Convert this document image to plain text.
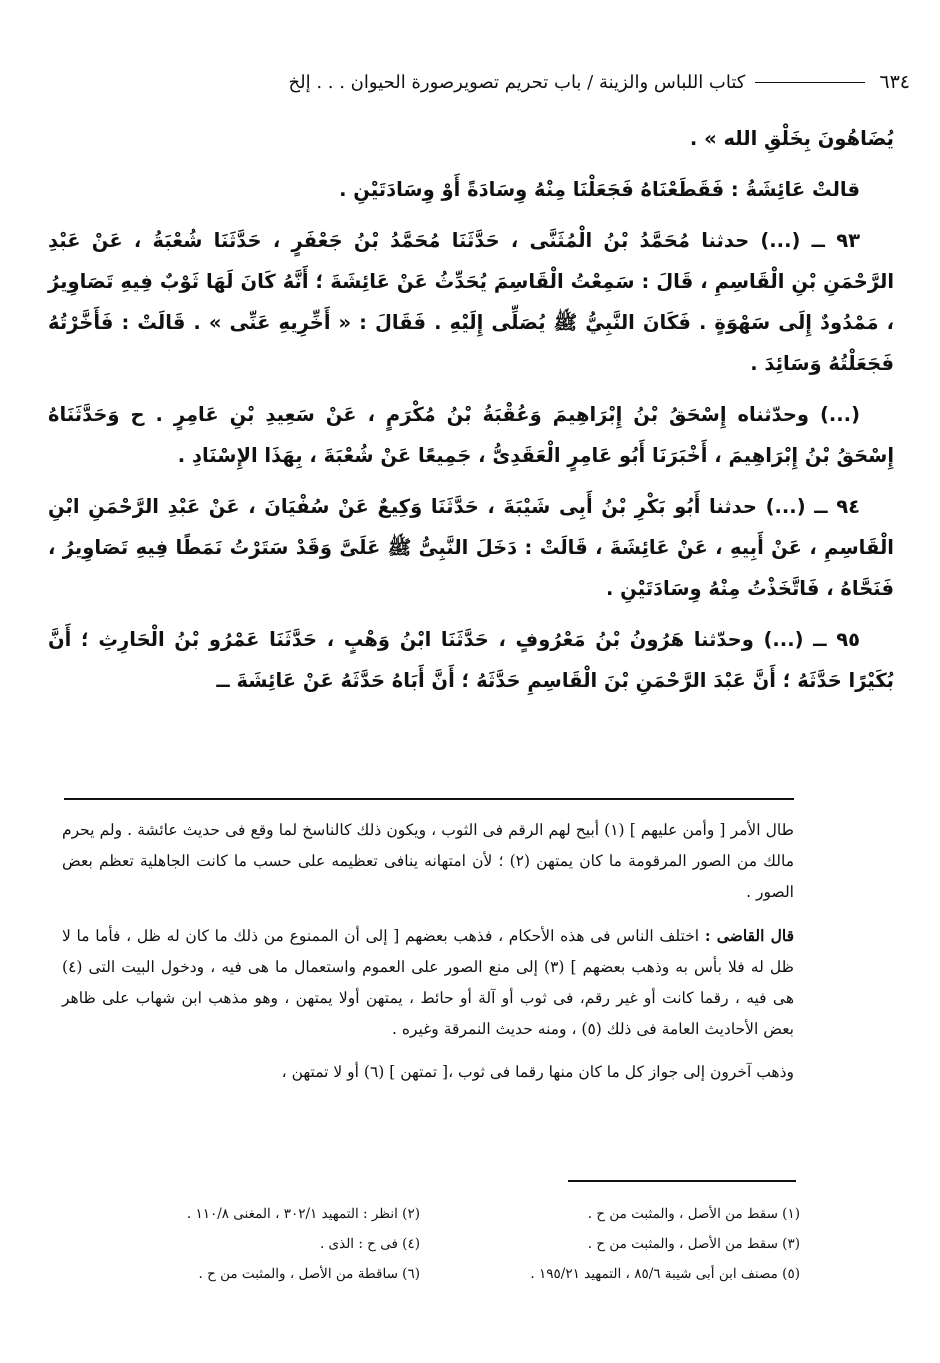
٦٣٤
كتاب اللباس والزينة / باب تحريم تصويرصورة الحيوان . . . إلخ

يُضَاهُونَ بِخَلْقِ الله » .

قالتْ عَائِشَةُ : فَقَطَعْنَاهُ فَجَعَلْنَا مِنْهُ وِسَادَةً أَوْ وِسَادَتَيْنِ .

٩٣ ــ (...) حدثنا مُحَمَّدُ بْنُ الْمُثَنَّى ، حَدَّثَنَا مُحَمَّدُ بْنُ جَعْفَرٍ ، حَدَّثَنَا شُعْبَةُ ، عَنْ عَبْدِ الرَّحْمَنِ بْنِ الْقَاسِمِ ، قَالَ : سَمِعْتُ الْقَاسِمَ يُحَدِّثُ عَنْ عَائِشَةَ ؛ أَنَّهُ كَانَ لَهَا ثَوْبٌ فِيهِ تَصَاوِيرُ ، مَمْدُودٌ إِلَى سَهْوَةٍ . فَكَانَ النَّبِيُّ ﷺ يُصَلِّى إِلَيْهِ . فَقَالَ : « أَخِّرِيهِ عَنِّى » . قَالَتْ : فَأَخَّرْتُهُ فَجَعَلْتُهُ وَسَائِدَ .

(...) وحدّثناه إِسْحَقُ بْنُ إِبْرَاهِيمَ وَعُقْبَةُ بْنُ مُكْرَمٍ ، عَنْ سَعِيدِ بْنِ عَامِرٍ . ح وَحَدَّثَنَاهُ إِسْحَقُ بْنُ إِبْرَاهِيمَ ، أَخْبَرَنَا أَبُو عَامِرٍ الْعَقَدِىُّ ، جَمِيعًا عَنْ شُعْبَةَ ، بِهَذَا الإِسْنَادِ .

٩٤ ــ (...) حدثنا أَبُو بَكْرِ بْنُ أَبِى شَيْبَةَ ، حَدَّثَنَا وَكِيعٌ عَنْ سُفْيَانَ ، عَنْ عَبْدِ الرَّحْمَنِ ابْنِ الْقَاسِمِ ، عَنْ أَبِيهِ ، عَنْ عَائِشَةَ ، قَالَتْ : دَخَلَ النَّبِىُّ ﷺ عَلَىَّ وَقَدْ سَتَرْتُ نَمَطًا فِيهِ تَصَاوِيرُ ، فَنَحَّاهُ ، فَاتَّخَذْتُ مِنْهُ وِسَادَتَيْنِ .

٩٥ ــ (...) وحدّثنا هَرُونُ بْنُ مَعْرُوفٍ ، حَدَّثَنَا ابْنُ وَهْبٍ ، حَدَّثَنَا عَمْرُو بْنُ الْحَارِثِ ؛ أَنَّ بُكَيْرًا حَدَّثَهُ ؛ أَنَّ عَبْدَ الرَّحْمَنِ بْنَ الْقَاسِمِ حَدَّثَهُ ؛ أَنَّ أَبَاهُ حَدَّثَهُ عَنْ عَائِشَةَ ــ

طال الأمر [ وأمن عليهم ] (١) أبيح لهم الرقم فى الثوب ، ويكون ذلك كالناسخ لما وقع فى حديث عائشة . ولم يحرم مالك من الصور المرقومة ما كان يمتهن (٢) ؛ لأن امتهانه ينافى تعظيمه على حسب ما كانت الجاهلية تعظم بعض الصور .

قال القاضى : اختلف الناس فى هذه الأحكام ، فذهب بعضهم [ إلى أن الممنوع من ذلك ما كان له ظل ، فأما ما لا ظل له فلا بأس به وذهب بعضهم ] (٣) إلى منع الصور على العموم واستعمال ما هى فيه ، ودخول البيت التى (٤) هى فيه ، رقما كانت أو غير رقم، فى ثوب أو آلة أو حائط ، يمتهن أولا يمتهن ، وهو مذهب ابن شهاب على ظاهر بعض الأحاديث العامة فى ذلك (٥) ، ومنه حديث النمرقة وغيره .

وذهب آخرون إلى جواز كل ما كان منها رقما فى ثوب ،[ تمتهن ] (٦) أو لا تمتهن ،

(١) سقط من الأصل ، والمثبت من ح .
(٢) انظر : التمهيد ٣٠٢/١ ، المغنى ١١٠/٨ .
(٣) سقط من الأصل ، والمثبت من ح .
(٤) فى ح : الذى .
(٥) مصنف ابن أبى شيبة ٨٥/٦ ، التمهيد ١٩٥/٢١ .
(٦) ساقطة من الأصل ، والمثبت من ح .
